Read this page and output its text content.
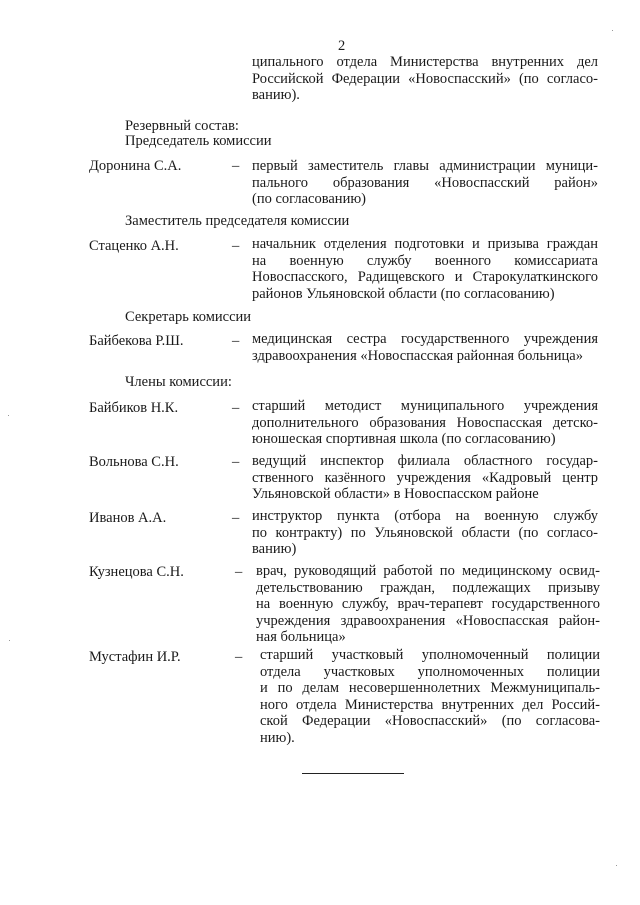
2
ципального отдела Министерства внутренних дел
Российской Федерации «Новоспасский» (по согласо-
ванию).
Резервный состав:
Председатель комиссии
Доронина С.А.	– первый заместитель главы администрации муници-
пального образования «Новоспасский район»
(по согласованию)
Заместитель председателя комиссии
Стаценко А.Н.	– начальник отделения подготовки и призыва граждан
на военную службу военного комиссариата
Новоспасского, Радищевского и Старокулаткинского
районов Ульяновской области (по согласованию)
Секретарь комиссии
Байбекова Р.Ш.	– медицинская сестра государственного учреждения
здравоохранения «Новоспасская районная больница»
Члены комиссии:
Байбиков Н.К.	– старший методист муниципального учреждения
дополнительного образования Новоспасская детско-
юношеская спортивная школа (по согласованию)
Вольнова С.Н.	– ведущий инспектор филиала областного государ-
ственного казённого учреждения «Кадровый центр
Ульяновской области» в Новоспасском районе
Иванов А.А.	– инструктор пункта (отбора на военную службу
по контракту) по Ульяновской области (по согласо-
ванию)
Кузнецова С.Н.	– врач, руководящий работой по медицинскому освид-
детельствованию граждан, подлежащих призыву
на военную службу, врач-терапевт государственного
учреждения здравоохранения «Новоспасская район-
ная больница»
Мустафин И.Р.	– старший участковый уполномоченный полиции
отдела участковых уполномоченных полиции
и по делам несовершеннолетних Межмуниципаль-
ного отдела Министерства внутренних дел Россий-
ской Федерации «Новоспасский» (по согласова-
нию).
